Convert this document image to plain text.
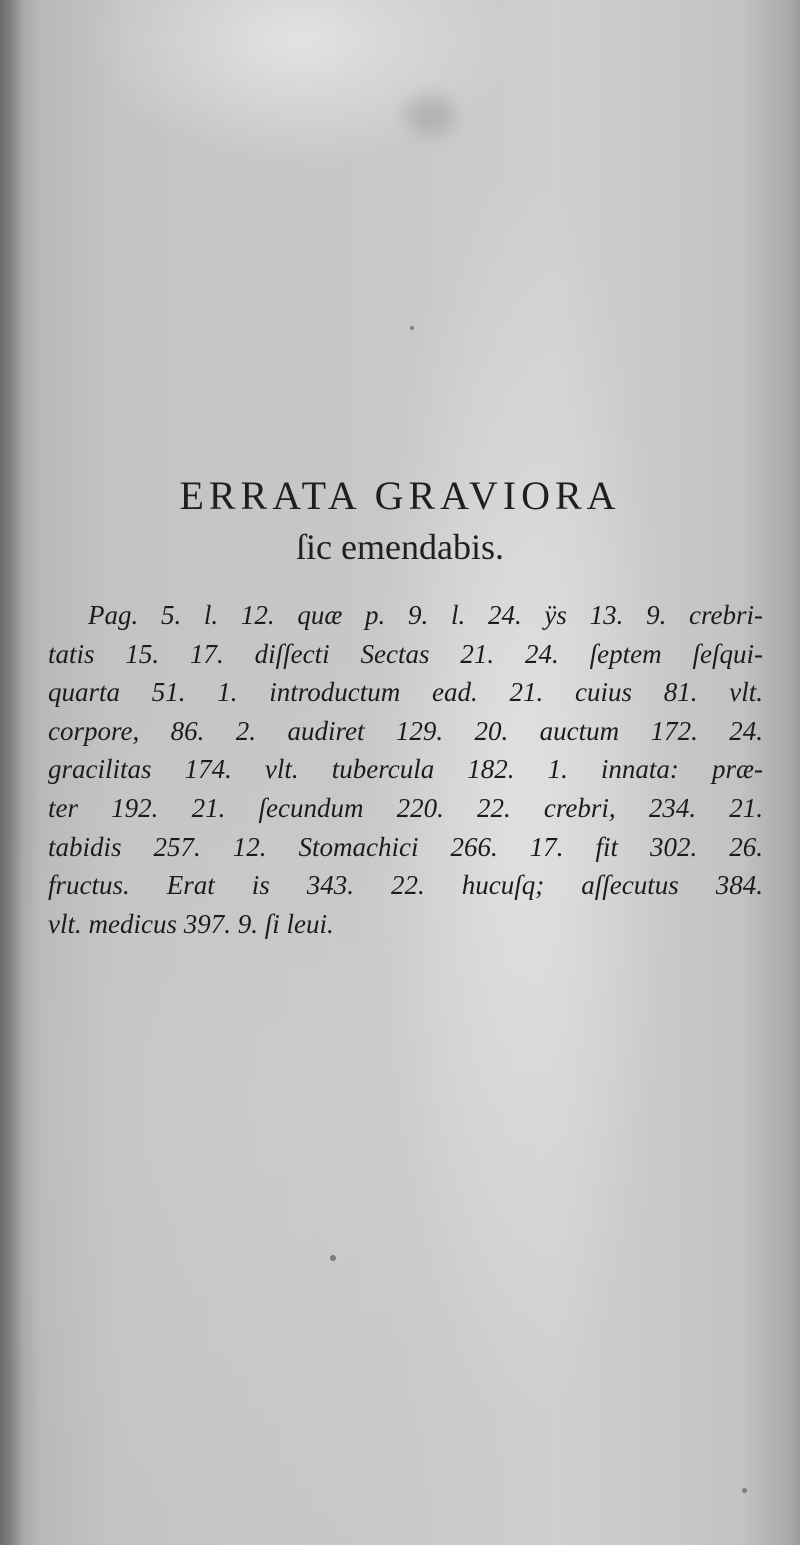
ERRATA GRAVIORA
ſic emendabis.
Pag. 5. l. 12. quæ p. 9. l. 24. ÿs 13. 9. crebri-
tatis 15. 17. diſſecti Sectas 21. 24. ſeptem ſeſqui-
quarta 51. 1. introductum ead. 21. cuius 81. vlt.
corpore, 86. 2. audiret 129. 20. auctum 172. 24.
gracilitas 174. vlt. tubercula 182. 1. innata: præ-
ter 192. 21. ſecundum 220. 22. crebri, 234. 21.
tabidis 257. 12. Stomachici 266. 17. fit 302. 26.
fructus. Erat is 343. 22. hucuſq; aſſecutus 384.
vlt. medicus 397. 9. ſi leui.
